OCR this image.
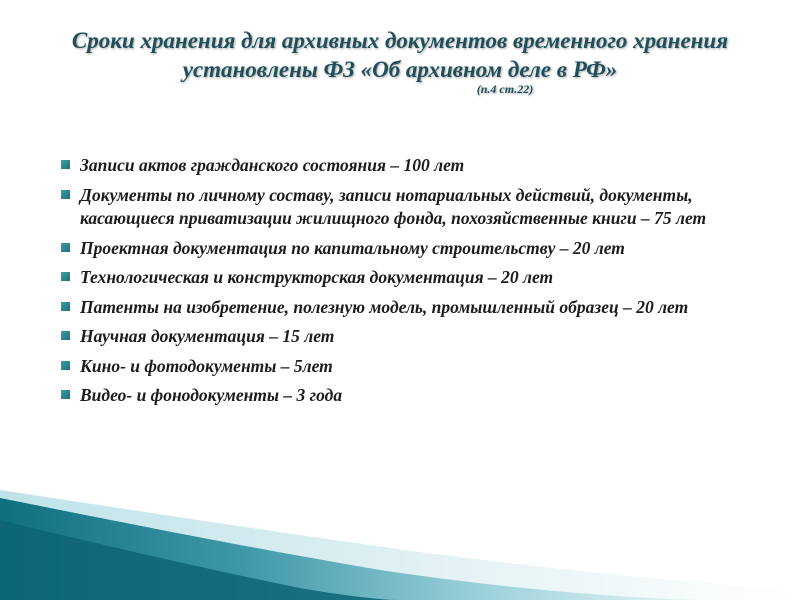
Сроки хранения для архивных документов временного хранения
установлены ФЗ «Об архивном деле в РФ»
(п.4 ст.22)
Записи актов гражданского состояния – 100 лет
Документы по личному составу, записи нотариальных действий, документы, касающиеся приватизации жилищного фонда, похозяйственные книги – 75 лет
Проектная документация по капитальному строительству – 20 лет
Технологическая и конструкторская документация – 20 лет
Патенты на изобретение, полезную модель, промышленный образец – 20 лет
Научная документация – 15 лет
Кино- и фотодокументы – 5лет
Видео- и фонодокументы – 3 года
